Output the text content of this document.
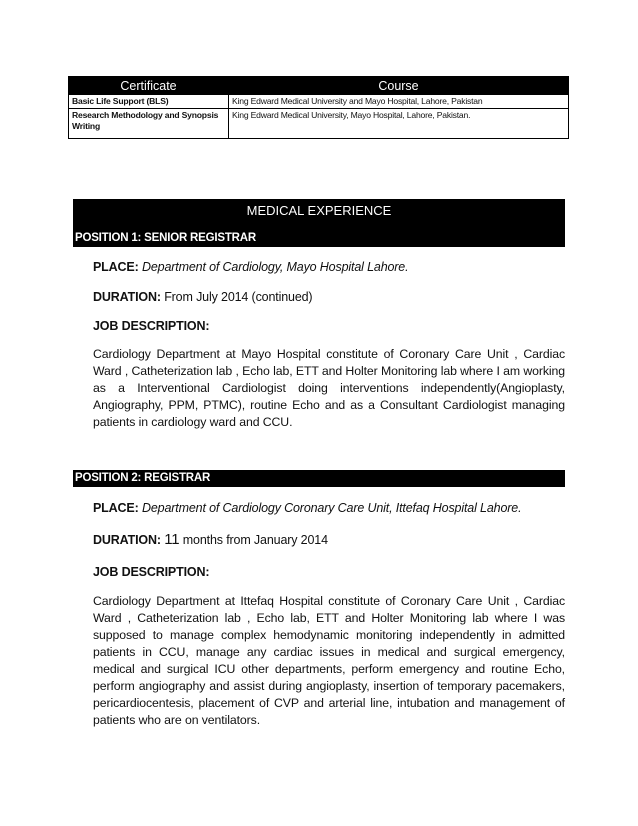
Certificate	Course
Basic Life Support (BLS)	King Edward Medical University and Mayo Hospital, Lahore, Pakistan
Research Methodology and Synopsis Writing	King Edward Medical University, Mayo Hospital, Lahore, Pakistan.
MEDICAL EXPERIENCE
POSITION 1: SENIOR REGISTRAR
PLACE: Department of Cardiology, Mayo Hospital Lahore.
DURATION: From July 2014 (continued)
JOB DESCRIPTION:
Cardiology Department at Mayo Hospital constitute of Coronary Care Unit , Cardiac Ward , Catheterization lab , Echo lab, ETT and Holter Monitoring lab where I am working as a Interventional Cardiologist doing interventions independently(Angioplasty, Angiography, PPM, PTMC), routine Echo and as a Consultant Cardiologist managing patients in cardiology ward and CCU.
POSITION 2: REGISTRAR
PLACE: Department of Cardiology Coronary Care Unit, Ittefaq Hospital Lahore.
DURATION: 11 months from January 2014
JOB DESCRIPTION:
Cardiology Department at Ittefaq Hospital constitute of Coronary Care Unit , Cardiac Ward , Catheterization lab , Echo lab, ETT and Holter Monitoring lab where I was supposed to manage complex hemodynamic monitoring independently in admitted patients in CCU, manage any cardiac issues in medical and surgical emergency, medical and surgical ICU other departments, perform emergency and routine Echo, perform angiography and assist during angioplasty, insertion of temporary pacemakers, pericardiocentesis, placement of CVP and arterial line, intubation and management of patients who are on ventilators.
